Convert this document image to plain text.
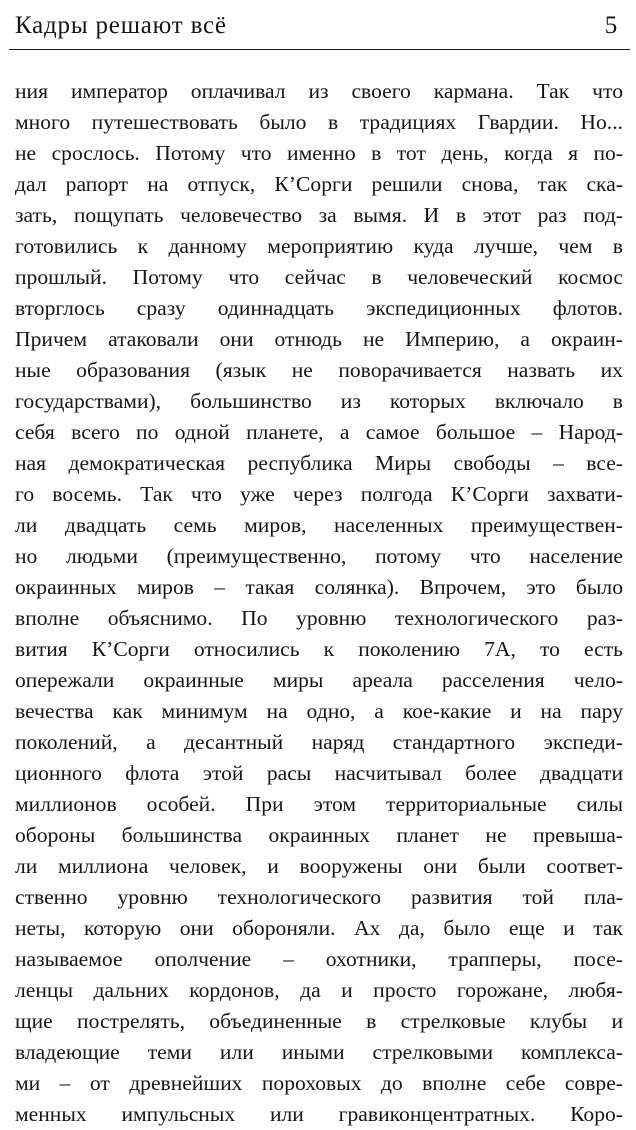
Кадры решают всё	5
ния император оплачивал из своего кармана. Так что
много путешествовать было в традициях Гвардии. Но...
не срослось. Потому что именно в тот день, когда я по-
дал рапорт на отпуск, К’Сорги решили снова, так ска-
зать, пощупать человечество за вымя. И в этот раз под-
готовились к данному мероприятию куда лучше, чем в
прошлый. Потому что сейчас в человеческий космос
вторглось сразу одиннадцать экспедиционных флотов.
Причем атаковали они отнюдь не Империю, а окраин-
ные образования (язык не поворачивается назвать их
государствами), большинство из которых включало в
себя всего по одной планете, а самое большое – Народ-
ная демократическая республика Миры свободы – все-
го восемь. Так что уже через полгода К’Сорги захвати-
ли двадцать семь миров, населенных преимуществен-
но людьми (преимущественно, потому что население
окраинных миров – такая солянка). Впрочем, это было
вполне объяснимо. По уровню технологического раз-
вития К’Сорги относились к поколению 7А, то есть
опережали окраинные миры ареала расселения чело-
вечества как минимум на одно, а кое-какие и на пару
поколений, а десантный наряд стандартного экспеди-
ционного флота этой расы насчитывал более двадцати
миллионов особей. При этом территориальные силы
обороны большинства окраинных планет не превыша-
ли миллиона человек, и вооружены они были соответ-
ственно уровню технологического развития той пла-
неты, которую они обороняли. Ах да, было еще и так
называемое ополчение – охотники, трапперы, посе-
ленцы дальних кордонов, да и просто горожане, любя-
щие пострелять, объединенные в стрелковые клубы и
владеющие теми или иными стрелковыми комплекса-
ми – от древнейших пороховых до вполне себе совре-
менных импульсных или гравиконцентратных. Коро-
